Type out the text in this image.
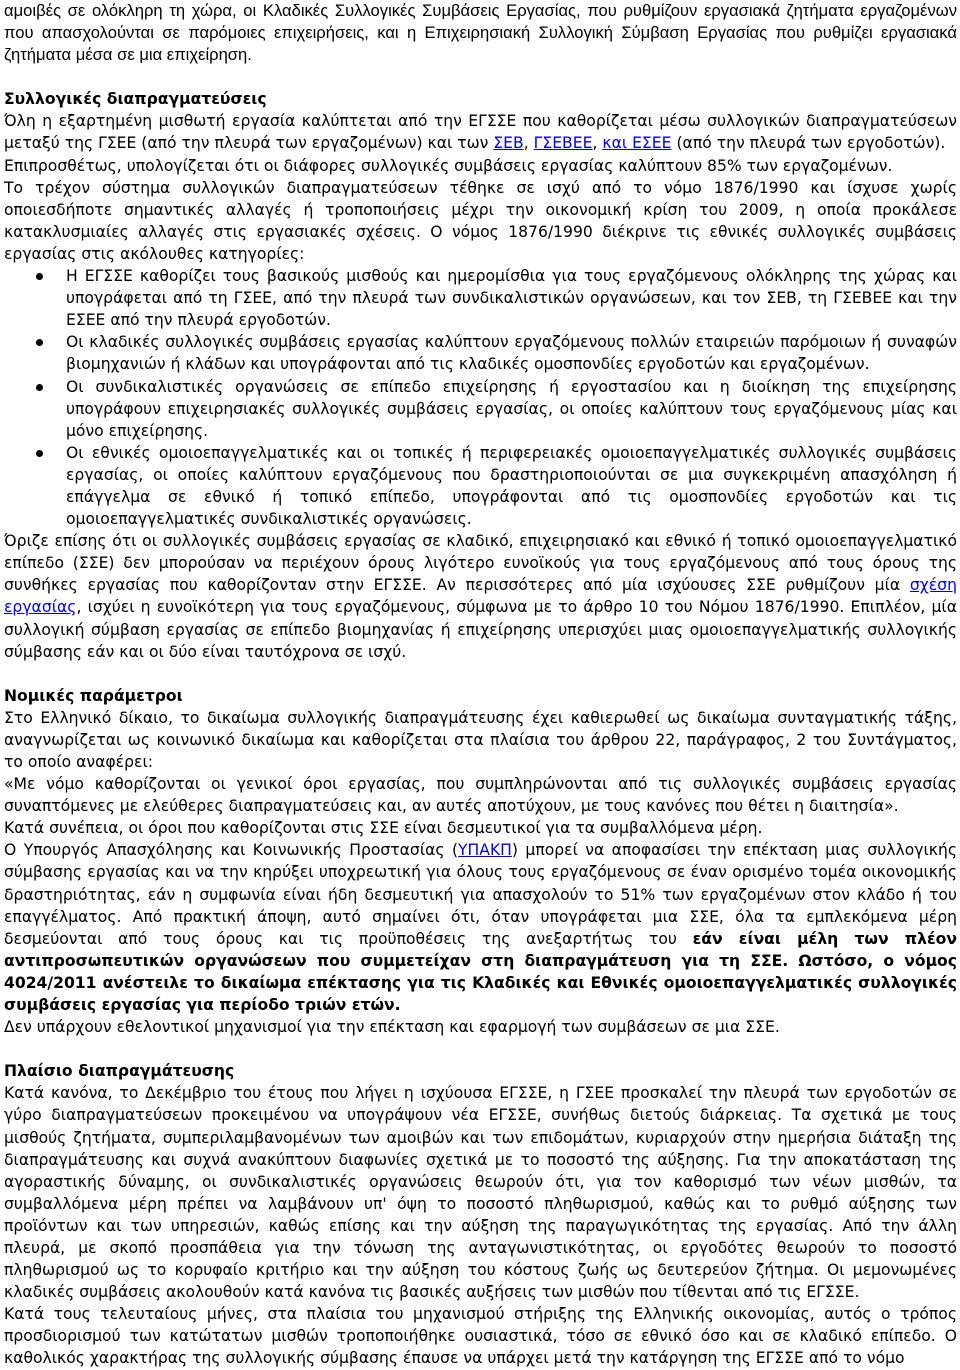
αμοιβές σε ολόκληρη τη χώρα, οι Κλαδικές Συλλογικές Συμβάσεις Εργασίας, που ρυθμίζουν εργασιακά ζητήματα εργαζομένων που απασχολούνται σε παρόμοιες επιχειρήσεις, και η Επιχειρησιακή Συλλογική Σύμβαση Εργασίας που ρυθμίζει εργασιακά ζητήματα μέσα σε μια επιχείρηση.

Συλλογικές διαπραγματεύσεις

Όλη η εξαρτημένη μισθωτή εργασία καλύπτεται από την ΕΓΣΣΕ που καθορίζεται μέσω συλλογικών διαπραγματεύσεων μεταξύ της ΓΣΕΕ (από την πλευρά των εργαζομένων) και των ΣΕΒ, ΓΣΕΒΕΕ, και ΕΣΕΕ (από την πλευρά των εργοδοτών).

Επιπροσθέτως, υπολογίζεται ότι οι διάφορες συλλογικές συμβάσεις εργασίας καλύπτουν 85% των εργαζομένων.

Το τρέχον σύστημα συλλογικών διαπραγματεύσεων τέθηκε σε ισχύ από το νόμο 1876/1990 και ίσχυσε χωρίς οποιεσδήποτε σημαντικές αλλαγές ή τροποποιήσεις μέχρι την οικονομική κρίση του 2009, η οποία προκάλεσε κατακλυσμιαίες αλλαγές στις εργασιακές σχέσεις. Ο νόμος 1876/1990 διέκρινε τις εθνικές συλλογικές συμβάσεις εργασίας στις ακόλουθες κατηγορίες:

Η ΕΓΣΣΕ καθορίζει τους βασικούς μισθούς και ημερομίσθια για τους εργαζόμενους ολόκληρης της χώρας και υπογράφεται από τη ΓΣΕΕ, από την πλευρά των συνδικαλιστικών οργανώσεων, και τον ΣΕΒ, τη ΓΣΕΒΕΕ και την ΕΣΕΕ από την πλευρά εργοδοτών.
Οι κλαδικές συλλογικές συμβάσεις εργασίας καλύπτουν εργαζόμενους πολλών εταιρειών παρόμοιων ή συναφών βιομηχανιών ή κλάδων και υπογράφονται από τις κλαδικές ομοσπονδίες εργοδοτών και εργαζομένων.
Οι συνδικαλιστικές οργανώσεις σε επίπεδο επιχείρησης ή εργοστασίου και η διοίκηση της επιχείρησης υπογράφουν επιχειρησιακές συλλογικές συμβάσεις εργασίας, οι οποίες καλύπτουν τους εργαζόμενους μίας και μόνο επιχείρησης.
Οι εθνικές ομοιοεπαγγελματικές και οι τοπικές ή περιφερειακές ομοιοεπαγγελματικές συλλογικές συμβάσεις εργασίας, οι οποίες καλύπτουν εργαζόμενους που δραστηριοποιούνται σε μια συγκεκριμένη απασχόληση ή επάγγελμα σε εθνικό ή τοπικό επίπεδο, υπογράφονται από τις ομοσπονδίες εργοδοτών και τις ομοιοεπαγγελματικές συνδικαλιστικές οργανώσεις.

Όριζε επίσης ότι οι συλλογικές συμβάσεις εργασίας σε κλαδικό, επιχειρησιακό και εθνικό ή τοπικό ομοιοεπαγγελματικό επίπεδο (ΣΣΕ) δεν μπορούσαν να περιέχουν όρους λιγότερο ευνοϊκούς για τους εργαζόμενους από τους όρους της συνθήκες εργασίας που καθορίζονταν στην ΕΓΣΣΕ. Αν περισσότερες από μία ισχύουσες ΣΣΕ ρυθμίζουν μία σχέση εργασίας, ισχύει η ευνοϊκότερη για τους εργαζόμενους, σύμφωνα με το άρθρο 10 του Νόμου 1876/1990. Επιπλέον, μία συλλογική σύμβαση εργασίας σε επίπεδο βιομηχανίας ή επιχείρησης υπερισχύει μιας ομοιοεπαγγελματικής συλλογικής σύμβασης εάν και οι δύο είναι ταυτόχρονα σε ισχύ.

Νομικές παράμετροι

Στο Ελληνικό δίκαιο, το δικαίωμα συλλογικής διαπραγμάτευσης έχει καθιερωθεί ως δικαίωμα συνταγματικής τάξης, αναγνωρίζεται ως κοινωνικό δικαίωμα και καθορίζεται στα πλαίσια του άρθρου 22, παράγραφος, 2 του Συντάγματος, το οποίο αναφέρει:

«Με νόμο καθορίζονται οι γενικοί όροι εργασίας, που συμπληρώνονται από τις συλλογικές συμβάσεις εργασίας συναπτόμενες με ελεύθερες διαπραγματεύσεις και, αν αυτές αποτύχουν, με τους κανόνες που θέτει η διαιτησία».

Κατά συνέπεια, οι όροι που καθορίζονται στις ΣΣΕ είναι δεσμευτικοί για τα συμβαλλόμενα μέρη.

Ο Υπουργός Απασχόλησης και Κοινωνικής Προστασίας (ΥΠΑΚΠ) μπορεί να αποφασίσει την επέκταση μιας συλλογικής σύμβασης εργασίας και να την κηρύξει υποχρεωτική για όλους τους εργαζόμενους σε έναν ορισμένο τομέα οικονομικής δραστηριότητας, εάν η συμφωνία είναι ήδη δεσμευτική για απασχολούν το 51% των εργαζομένων στον κλάδο ή του επαγγέλματος. Από πρακτική άποψη, αυτό σημαίνει ότι, όταν υπογράφεται μια ΣΣΕ, όλα τα εμπλεκόμενα μέρη δεσμεύονται από τους όρους και τις προϋποθέσεις της ανεξαρτήτως του εάν είναι μέλη των πλέον αντιπροσωπευτικών οργανώσεων που συμμετείχαν στη διαπραγμάτευση για τη ΣΣΕ. Ωστόσο, ο νόμος 4024/2011 ανέστειλε το δικαίωμα επέκτασης για τις Κλαδικές και Εθνικές ομοιοεπαγγελματικές συλλογικές συμβάσεις εργασίας για περίοδο τριών ετών.

Δεν υπάρχουν εθελοντικοί μηχανισμοί για την επέκταση και εφαρμογή των συμβάσεων σε μια ΣΣΕ.

Πλαίσιο διαπραγμάτευσης

Κατά κανόνα, το Δεκέμβριο του έτους που λήγει η ισχύουσα ΕΓΣΣΕ, η ΓΣΕΕ προσκαλεί την πλευρά των εργοδοτών σε γύρο διαπραγματεύσεων προκειμένου να υπογράψουν νέα ΕΓΣΣΕ, συνήθως διετούς διάρκειας. Τα σχετικά με τους μισθούς ζητήματα, συμπεριλαμβανομένων των αμοιβών και των επιδομάτων, κυριαρχούν στην ημερήσια διάταξη της διαπραγμάτευσης και συχνά ανακύπτουν διαφωνίες σχετικά με το ποσοστό της αύξησης. Για την αποκατάσταση της αγοραστικής δύναμης, οι συνδικαλιστικές οργανώσεις θεωρούν ότι, για τον καθορισμό των νέων μισθών, τα συμβαλλόμενα μέρη πρέπει να λαμβάνουν υπ' όψη το ποσοστό πληθωρισμού, καθώς και το ρυθμό αύξησης των προϊόντων και των υπηρεσιών, καθώς επίσης και την αύξηση της παραγωγικότητας της εργασίας. Από την άλλη πλευρά, με σκοπό προσπάθεια για την τόνωση της ανταγωνιστικότητας, οι εργοδότες θεωρούν το ποσοστό πληθωρισμού ως το κορυφαίο κριτήριο και την αύξηση του κόστους ζωής ως δευτερεύον ζήτημα. Οι μεμονωμένες κλαδικές συμβάσεις ακολουθούν κατά κανόνα τις βασικές αυξήσεις των μισθών που τίθενται από τις ΕΓΣΣΕ.

Κατά τους τελευταίους μήνες, στα πλαίσια του μηχανισμού στήριξης της Ελληνικής οικονομίας, αυτός ο τρόπος προσδιορισμού των κατώτατων μισθών τροποποιήθηκε ουσιαστικά, τόσο σε εθνικό όσο και σε κλαδικό επίπεδο. Ο καθολικός χαρακτήρας της συλλογικής σύμβασης έπαυσε να υπάρχει μετά την κατάργηση της ΕΓΣΣΕ από το νόμο
